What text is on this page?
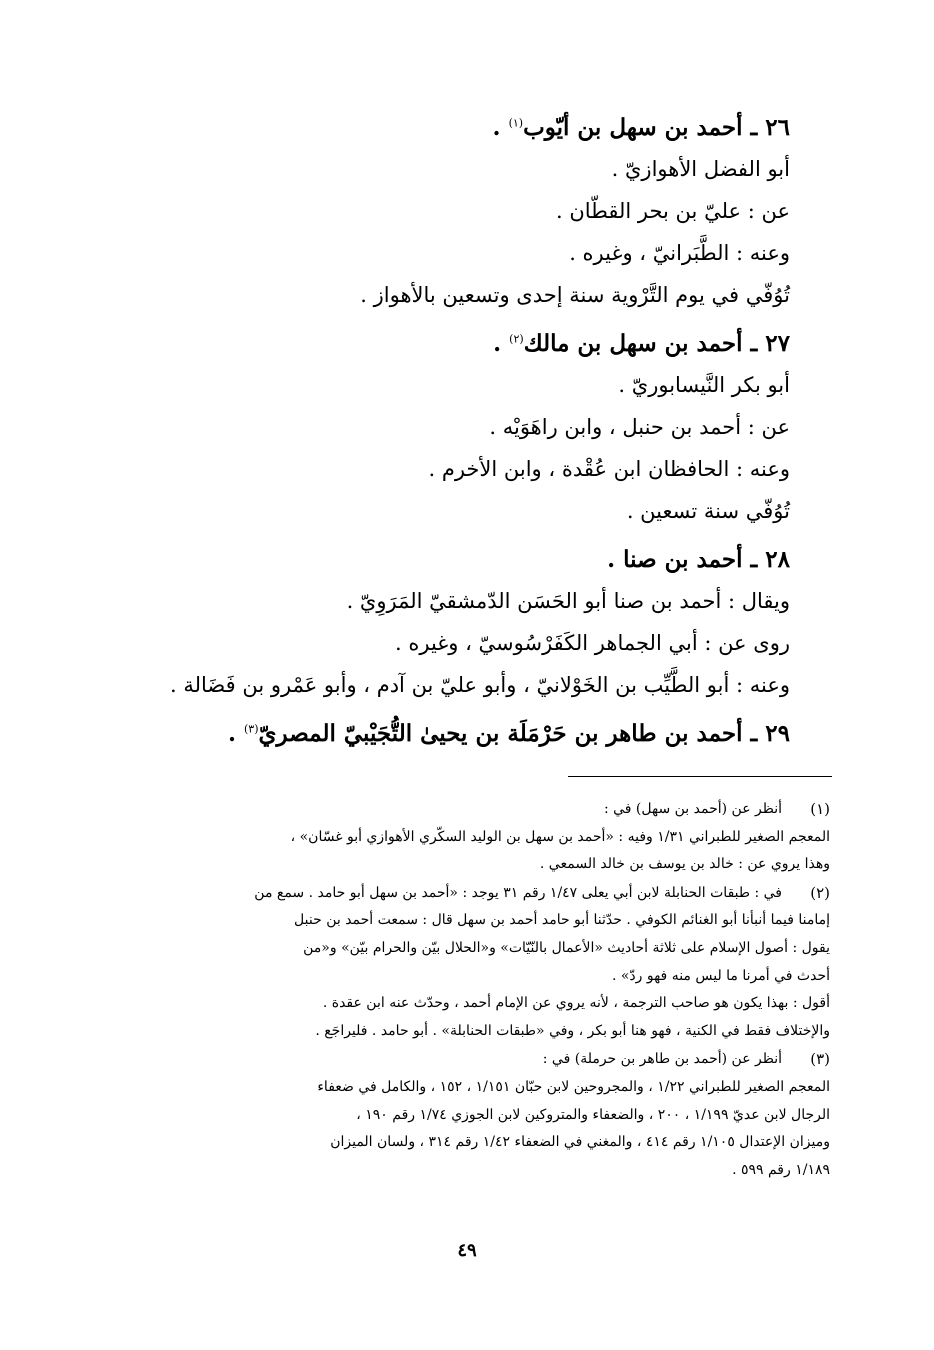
٢٦ ـ أحمد بن سهل بن أيّوب$^{(١)}$ .
أبو الفضل الأهوازيّ .
عن : عليّ بن بحر القطّان .
وعنه : الطَّبَرانيّ ، وغيره .
تُوُفّي في يوم التَّرْوية سنة إحدى وتسعين بالأهواز .
٢٧ ـ أحمد بن سهل بن مالك$^{(٢)}$ .
أبو بكر النَّيسابوريّ .
عن : أحمد بن حنبل ، وابن راهَوَيْه .
وعنه : الحافظان ابن عُقْدة ، وابن الأخرم .
تُوُفّي سنة تسعين .
٢٨ ـ أحمد بن صنا .
ويقال : أحمد بن صنا أبو الحَسَن الدّمشقيّ المَرَوِيّ .
روى عن : أبي الجماهر الكَفَرْسُوسيّ ، وغيره .
وعنه : أبو الطَّيِّب بن الخَوْلانيّ ، وأبو عليّ بن آدم ، وأبو عَمْرو بن فَضَالة .
٢٩ ـ أحمد بن طاهر بن حَرْمَلَة بن يحيىٰ التُّجَيْبيّ المصريّ$^{(٣)}$ .
(١)
أنظر عن (أحمد بن سهل) في :
المعجم الصغير للطبراني ١/٣١ وفيه : «أحمد بن سهل بن الوليد السكّري الأهوازي أبو غسّان» ،
وهذا يروي عن : خالد بن يوسف بن خالد السمعي .
(٢)
في : طبقات الحنابلة لابن أبي يعلى ١/٤٧ رقم ٣١ يوجد : «أحمد بن سهل أبو حامد . سمع من
إمامنا فيما أنبأنا أبو الغنائم الكوفي . حدّثنا أبو حامد أحمد بن سهل قال : سمعت أحمد بن حنبل
يقول : أصول الإسلام على ثلاثة أحاديث «الأعمال بالنّيّات» و«الحلال بيّن والحرام بيّن» و«من
أحدث في أمرنا ما ليس منه فهو ردّ» .
أقول : بهذا يكون هو صاحب الترجمة ، لأنه يروي عن الإمام أحمد ، وحدّث عنه ابن عقدة .
والإختلاف فقط في الكنية ، فهو هنا أبو بكر ، وفي «طبقات الحنابلة» . أبو حامد . فليراجَع .
(٣)
أنظر عن (أحمد بن طاهر بن حرملة) في :
المعجم الصغير للطبراني ١/٢٢ ، والمجروحين لابن حبّان ١/١٥١ ، ١٥٢ ، والكامل في ضعفاء
الرجال لابن عديّ ١/١٩٩ ، ٢٠٠ ، والضعفاء والمتروكين لابن الجوزي ١/٧٤ رقم ١٩٠ ،
وميزان الإعتدال ١/١٠٥ رقم ٤١٤ ، والمغني في الضعفاء ١/٤٢ رقم ٣١٤ ، ولسان الميزان
١/١٨٩ رقم ٥٩٩ .
٤٩
